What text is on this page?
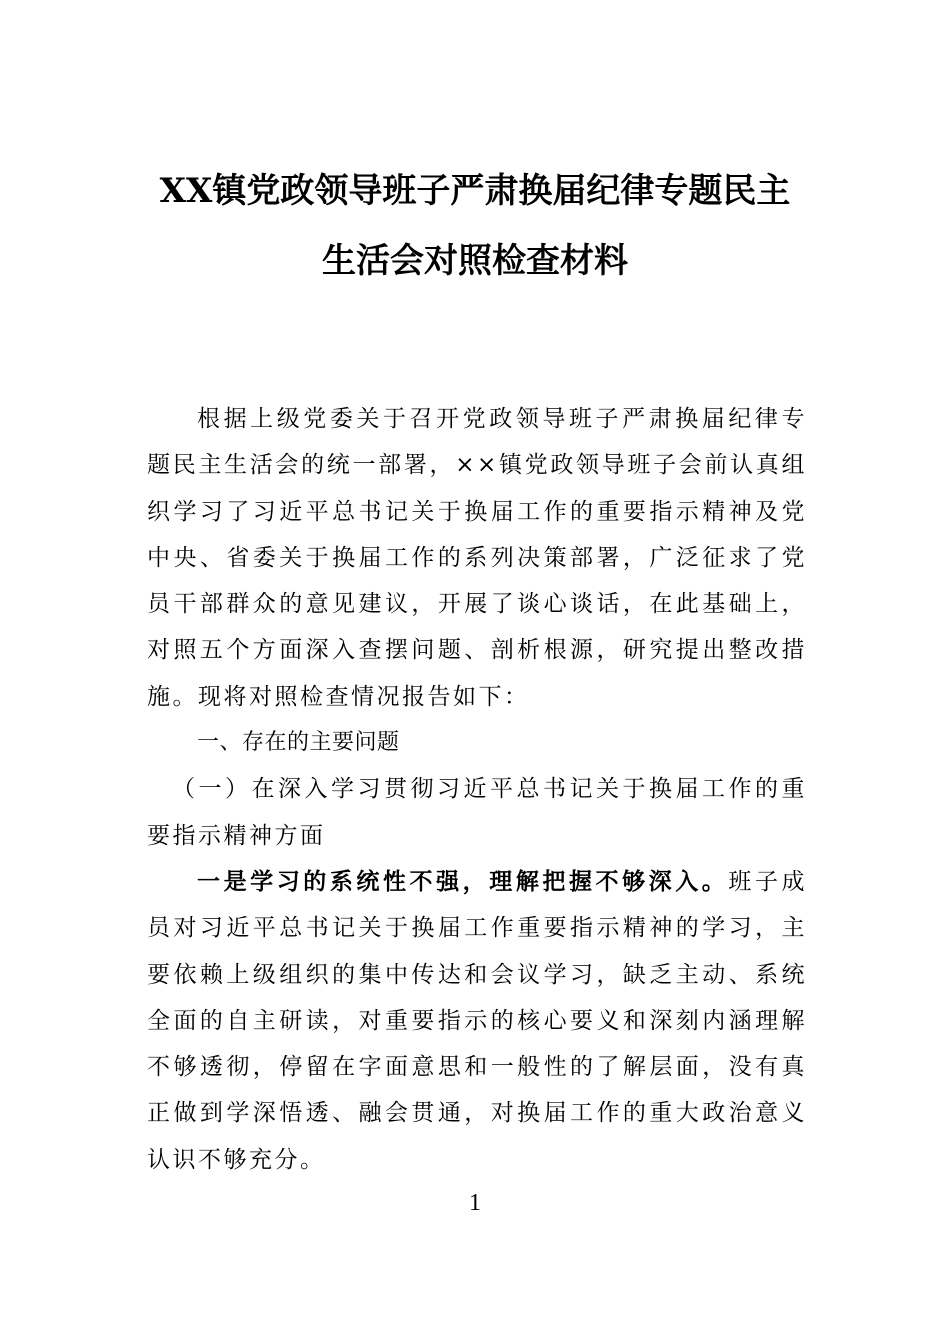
XX镇党政领导班子严肃换届纪律专题民主
生活会对照检查材料

根据上级党委关于召开党政领导班子严肃换届纪律专题民主生活会的统一部署，××镇党政领导班子会前认真组织学习了习近平总书记关于换届工作的重要指示精神及党中央、省委关于换届工作的系列决策部署，广泛征求了党员干部群众的意见建议，开展了谈心谈话，在此基础上，对照五个方面深入查摆问题、剖析根源，研究提出整改措施。现将对照检查情况报告如下：

一、存在的主要问题

（一）在深入学习贯彻习近平总书记关于换届工作的重要指示精神方面

一是学习的系统性不强，理解把握不够深入。班子成员对习近平总书记关于换届工作重要指示精神的学习，主要依赖上级组织的集中传达和会议学习，缺乏主动、系统全面的自主研读，对重要指示的核心要义和深刻内涵理解不够透彻，停留在字面意思和一般性的了解层面，没有真正做到学深悟透、融会贯通，对换届工作的重大政治意义认识不够充分。

1
